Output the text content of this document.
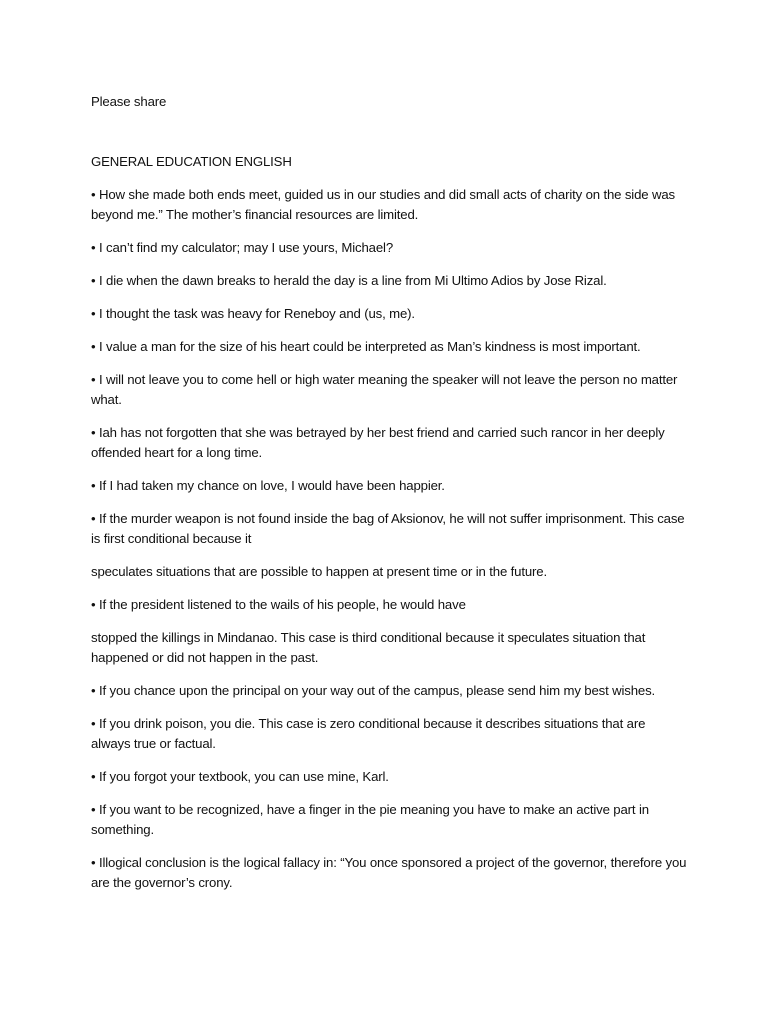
Please share

GENERAL EDUCATION ENGLISH

• How she made both ends meet, guided us in our studies and did small acts of charity on the side was beyond me.” The mother’s financial resources are limited.

• I can’t find my calculator; may I use yours, Michael?

• I die when the dawn breaks to herald the day is a line from Mi Ultimo Adios by Jose Rizal.

• I thought the task was heavy for Reneboy and (us, me).

• I value a man for the size of his heart could be interpreted as Man’s kindness is most important.

• I will not leave you to come hell or high water meaning the speaker will not leave the person no matter what.

• Iah has not forgotten that she was betrayed by her best friend and carried such rancor in her deeply offended heart for a long time.

• If I had taken my chance on love, I would have been happier.

• If the murder weapon is not found inside the bag of Aksionov, he will not suffer imprisonment. This case is first conditional because it

speculates situations that are possible to happen at present time or in the future.

• If the president listened to the wails of his people, he would have

stopped the killings in Mindanao. This case is third conditional because it speculates situation that happened or did not happen in the past.

• If you chance upon the principal on your way out of the campus, please send him my best wishes.

• If you drink poison, you die. This case is zero conditional because it describes situations that are always true or factual.

• If you forgot your textbook, you can use mine, Karl.

• If you want to be recognized, have a finger in the pie meaning you have to make an active part in something.

• Illogical conclusion is the logical fallacy in: “You once sponsored a project of the governor, therefore you are the governor’s crony.
